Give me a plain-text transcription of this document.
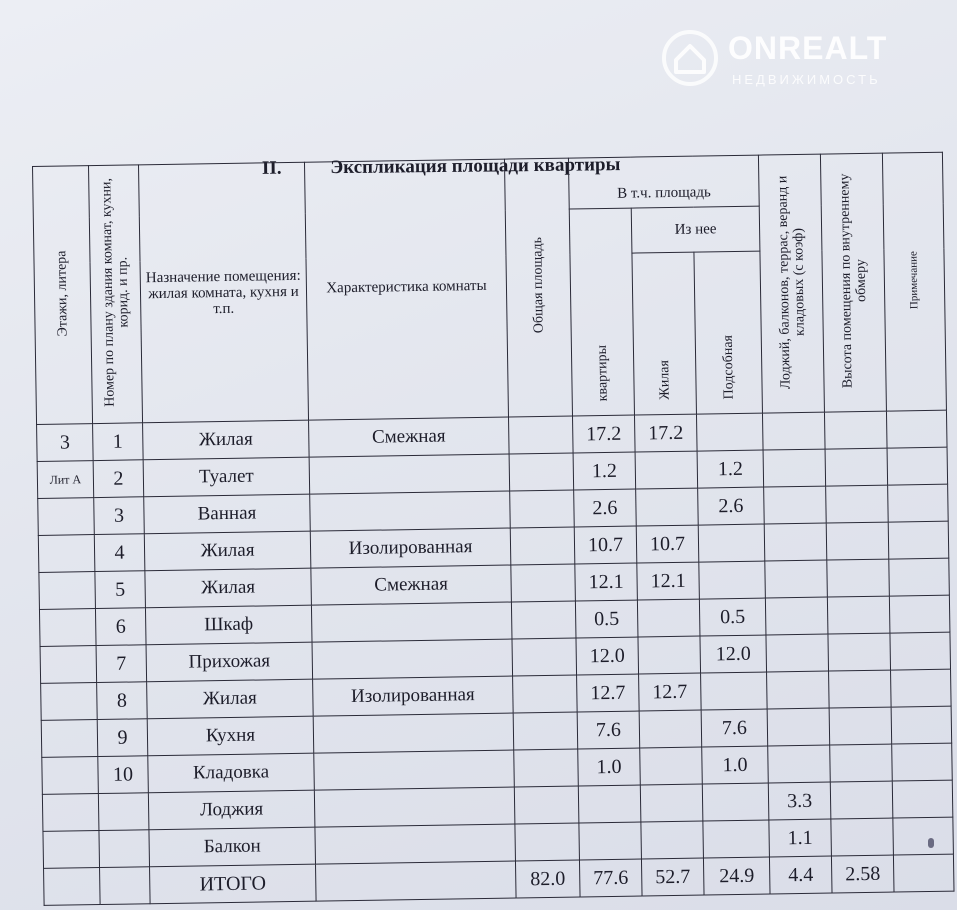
ONREALT
НЕДВИЖИМОСТЬ
II.	Экспликация площади квартиры
Этажи, литера	Номер по плану здания комнат, кухни, корид. и пр.	Назначение помещения: жилая комната, кухня и т.п.	Характеристика комнаты	Общая площадь	В т.ч. площадь			Лоджий, балконов, террас, веранд и кладовых (с коэф)	Высота помещения по внутреннему обмеру	Примечание
					квартиры	Из нее				
						Жилая	Подсобная			
3	1	Жилая	Смежная		17.2	17.2				
Лит А	2	Туалет			1.2		1.2			
	3	Ванная			2.6		2.6			
	4	Жилая	Изолированная		10.7	10.7				
	5	Жилая	Смежная		12.1	12.1				
	6	Шкаф			0.5		0.5			
	7	Прихожая			12.0		12.0			
	8	Жилая	Изолированная		12.7	12.7				
	9	Кухня			7.6		7.6			
	10	Кладовка			1.0		1.0			
		Лоджия						3.3		
		Балкон						1.1		
		ИТОГО		82.0	77.6	52.7	24.9	4.4	2.58	
